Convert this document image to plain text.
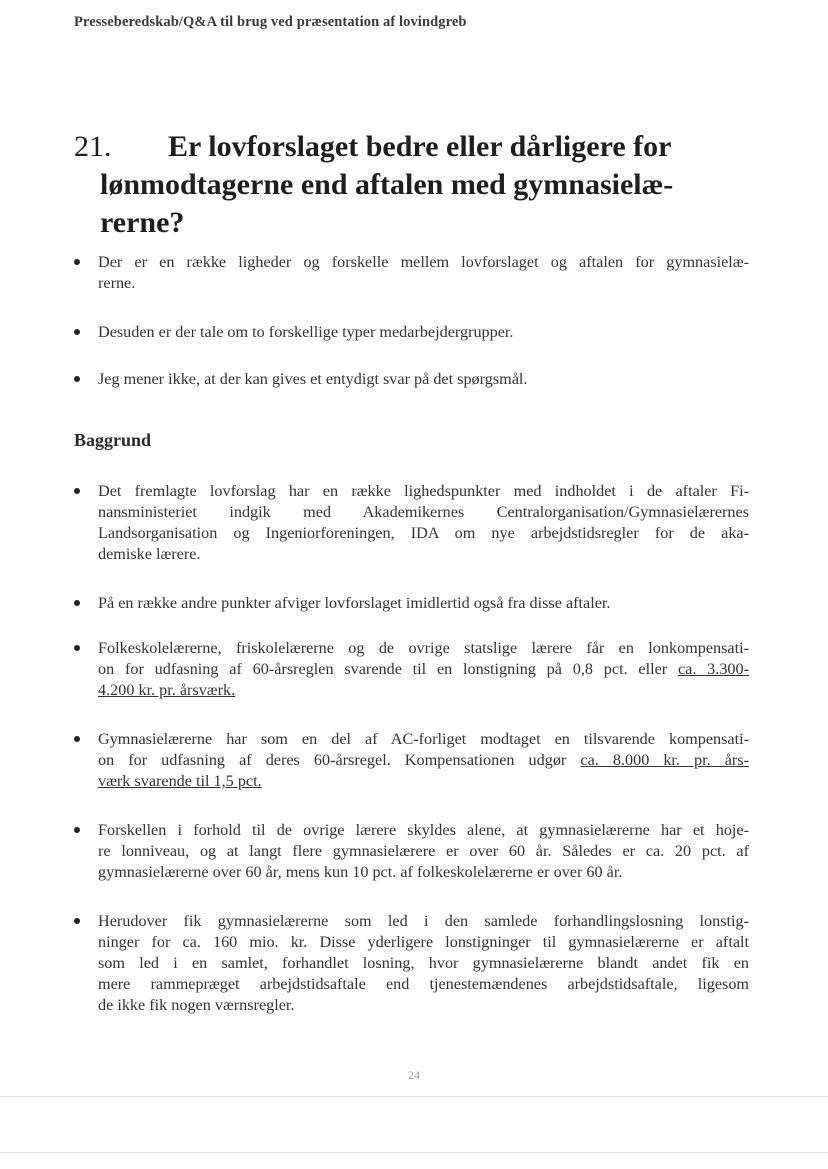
Presseberedskab/Q&A til brug ved præsentation af lovindgreb
21.	Er lovforslaget bedre eller dårligere for
lønmodtagerne end aftalen med gymnasielæ-
rerne?
Der er en række ligheder og forskelle mellem lovforslaget og aftalen for gymnasielæ-
rerne.
Desuden er der tale om to forskellige typer medarbejdergrupper.
Jeg mener ikke, at der kan gives et entydigt svar på det spørgsmål.
Baggrund
Det fremlagte lovforslag har en række lighedspunkter med indholdet i de aftaler Fi-
nansministeriet indgik med Akademikernes Centralorganisation/Gymnasielærernes
Landsorganisation og Ingeniorforeningen, IDA om nye arbejdstidsregler for de aka-
demiske lærere.
På en række andre punkter afviger lovforslaget imidlertid også fra disse aftaler.
Folkeskolelærerne, friskolelærerne og de ovrige statslige lærere får en lonkompensati-
on for udfasning af 60-årsreglen svarende til en lonstigning på 0,8 pct. eller ca. 3.300-
4.200 kr. pr. årsværk.
Gymnasielærerne har som en del af AC-forliget modtaget en tilsvarende kompensati-
on for udfasning af deres 60-årsregel. Kompensationen udgør ca. 8.000 kr. pr. års-
værk svarende til 1,5 pct.
Forskellen i forhold til de ovrige lærere skyldes alene, at gymnasielærerne har et hoje-
re lonniveau, og at langt flere gymnasielærere er over 60 år. Således er ca. 20 pct. af
gymnasielærerne over 60 år, mens kun 10 pct. af folkeskolelærerne er over 60 år.
Herudover fik gymnasielærerne som led i den samlede forhandlingslosning lonstig-
ninger for ca. 160 mio. kr. Disse yderligere lonstigninger til gymnasielærerne er aftalt
som led i en samlet, forhandlet losning, hvor gymnasielærerne blandt andet fik en
mere rammepræget arbejdstidsaftale end tjenestemændenes arbejdstidsaftale, ligesom
de ikke fik nogen værnsregler.
24
